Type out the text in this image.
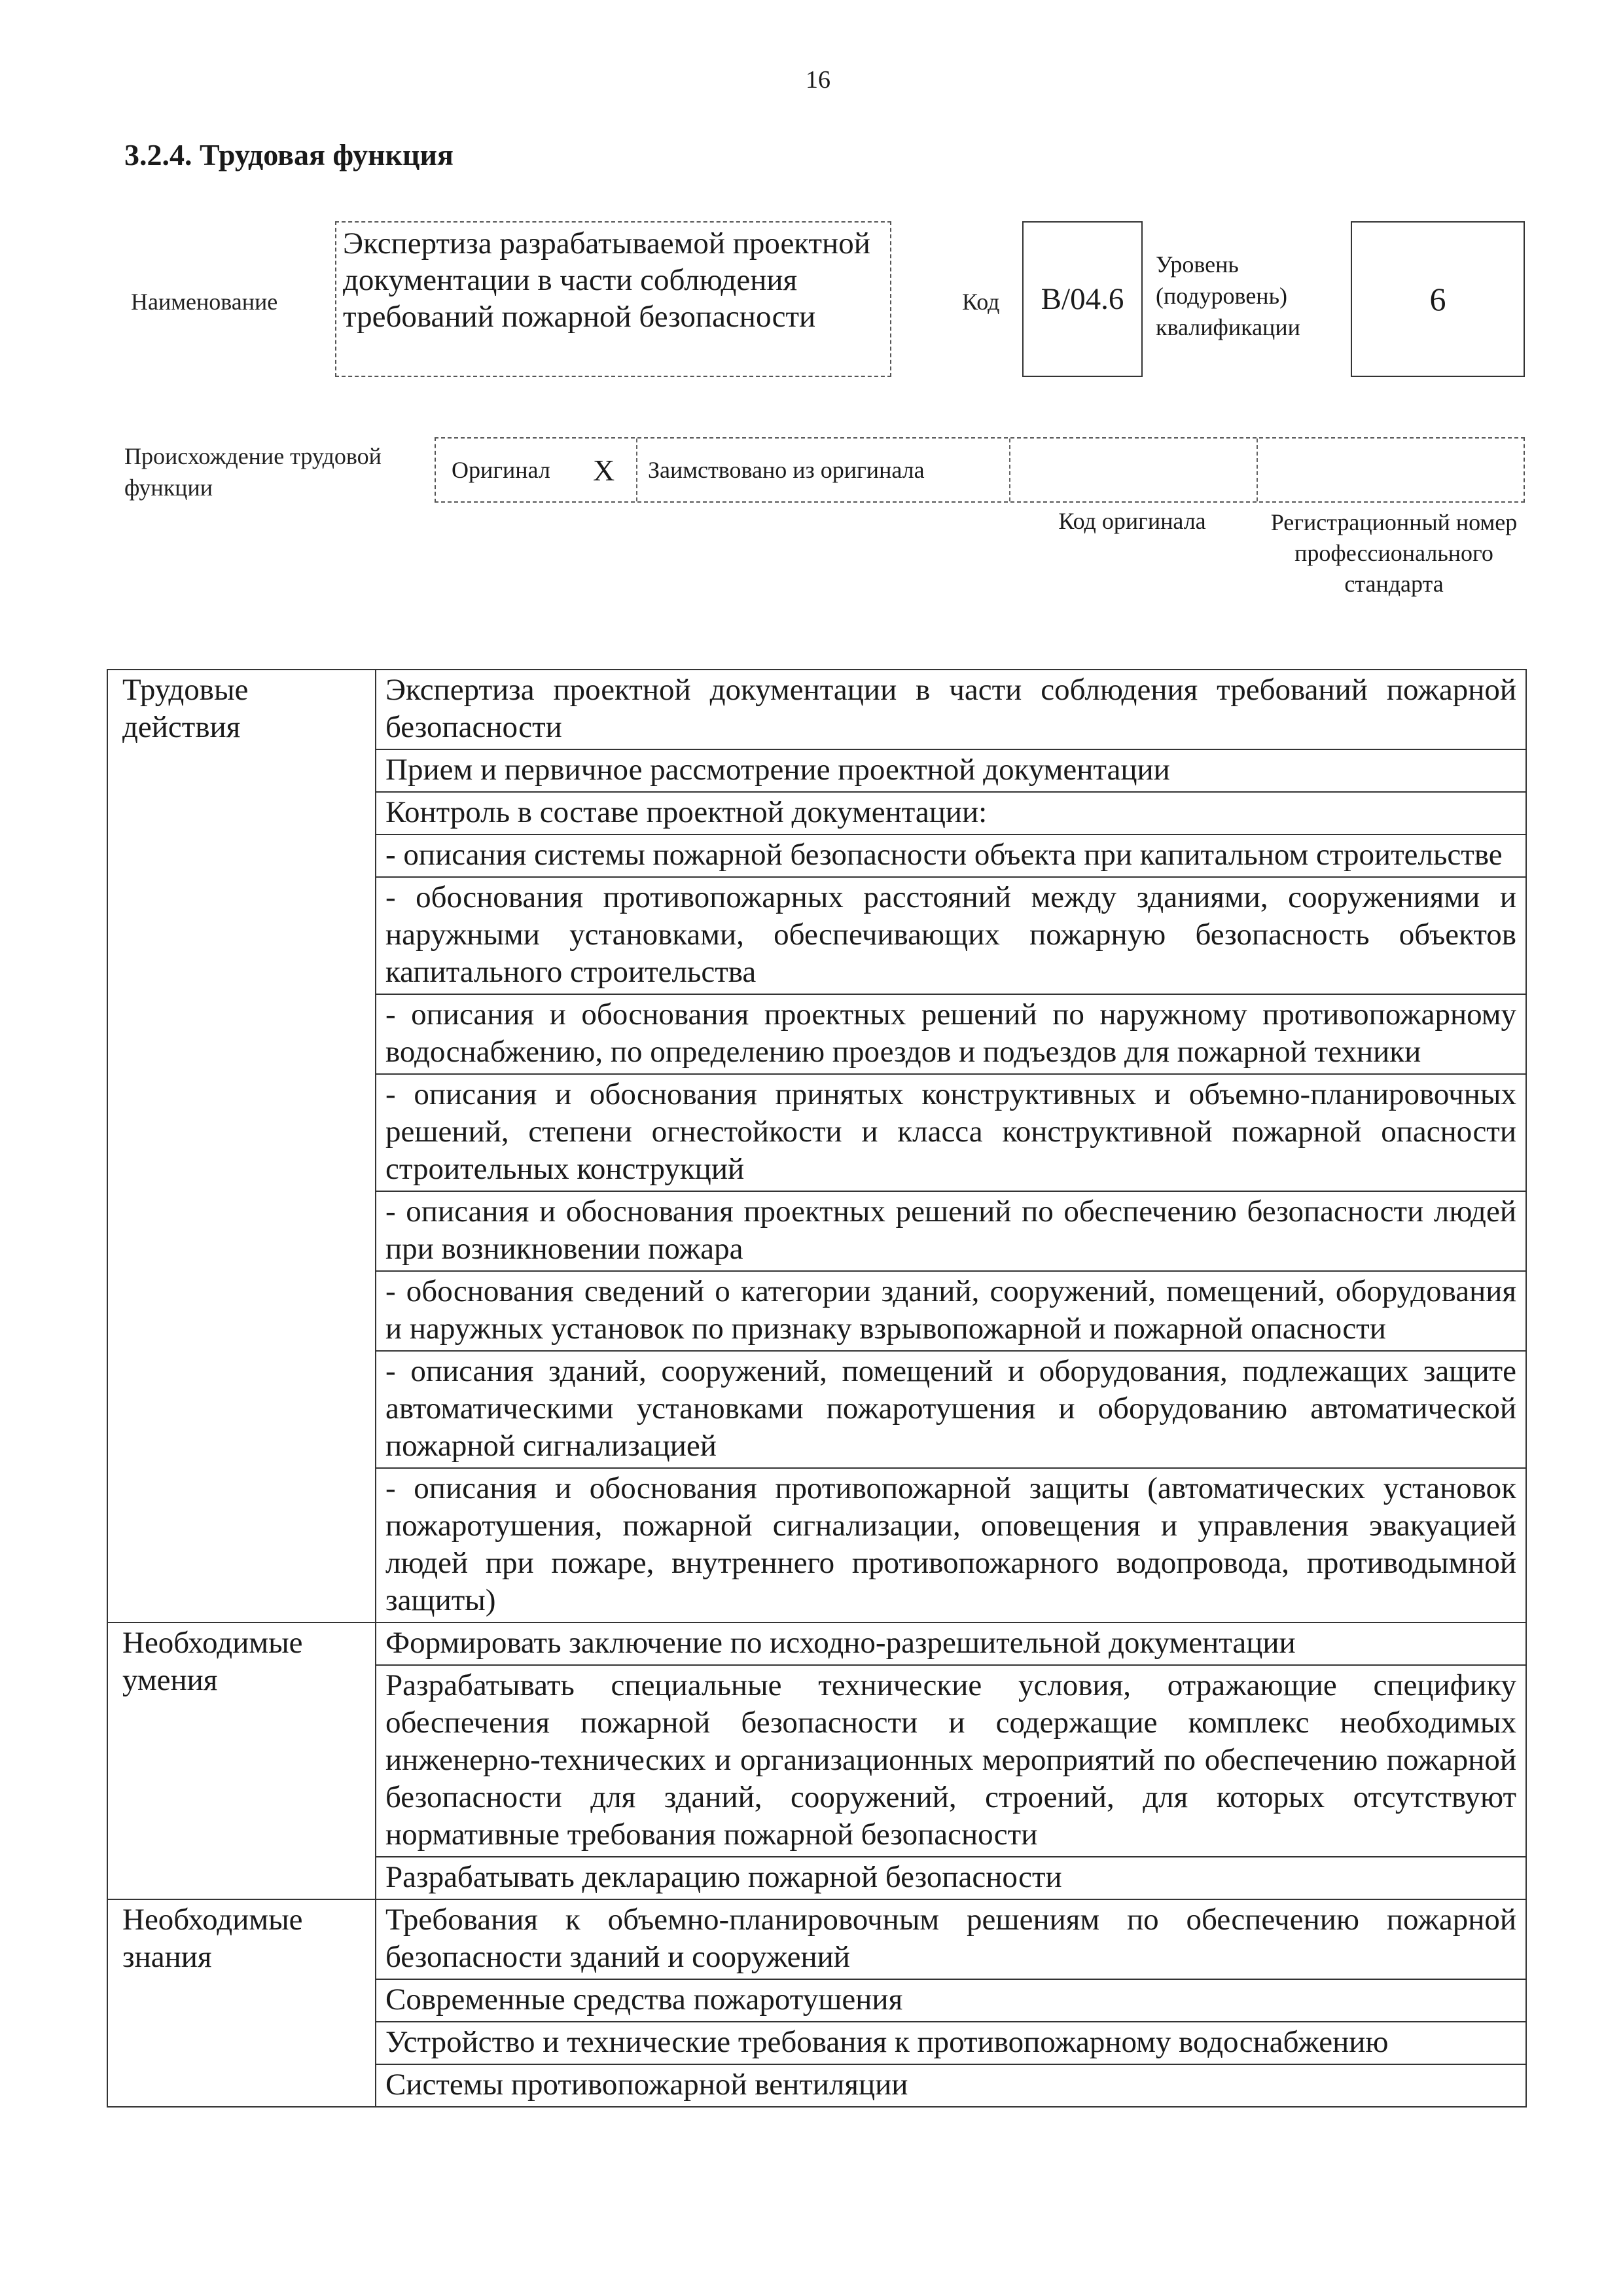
16
3.2.4. Трудовая функция
Наименование
Экспертиза разрабатываемой проектной документации в части соблюдения требований пожарной безопасности	Код	B/04.6
Уровень (подуровень) квалификации
6
Происхождение трудовой функции
Оригинал X Заимствовано из оригинала
Код оригинала	Регистрационный номер профессионального стандарта
Трудовые действия	Экспертиза проектной документации в части соблюдения требований пожарной безопасности
	Прием и первичное рассмотрение проектной документации
	Контроль в составе проектной документации:
	- описания системы пожарной безопасности объекта при капитальном строительстве
	- обоснования противопожарных расстояний между зданиями, сооружениями и наружными установками, обеспечивающих пожарную безопасность объектов капитального строительства
	- описания и обоснования проектных решений по наружному противопожарному водоснабжению, по определению проездов и подъездов для пожарной техники
	- описания и обоснования принятых конструктивных и объемно-планировочных решений, степени огнестойкости и класса конструктивной пожарной опасности строительных конструкций
	- описания и обоснования проектных решений по обеспечению безопасности людей при возникновении пожара
	- обоснования сведений о категории зданий, сооружений, помещений, оборудования и наружных установок по признаку взрывопожарной и пожарной опасности
	- описания зданий, сооружений, помещений и оборудования, подлежащих защите автоматическими установками пожаротушения и оборудованию автоматической пожарной сигнализацией
	- описания и обоснования противопожарной защиты (автоматических установок пожаротушения, пожарной сигнализации, оповещения и управления эвакуацией людей при пожаре, внутреннего противопожарного водопровода, противодымной защиты)
Необходимые умения	Формировать заключение по исходно-разрешительной документации
	Разрабатывать специальные технические условия, отражающие специфику обеспечения пожарной безопасности и содержащие комплекс необходимых инженерно-технических и организационных мероприятий по обеспечению пожарной безопасности для зданий, сооружений, строений, для которых отсутствуют нормативные требования пожарной безопасности
	Разрабатывать декларацию пожарной безопасности
Необходимые знания	Требования к объемно-планировочным решениям по обеспечению пожарной безопасности зданий и сооружений
	Современные средства пожаротушения
	Устройство и технические требования к противопожарному водоснабжению
	Системы противопожарной вентиляции
